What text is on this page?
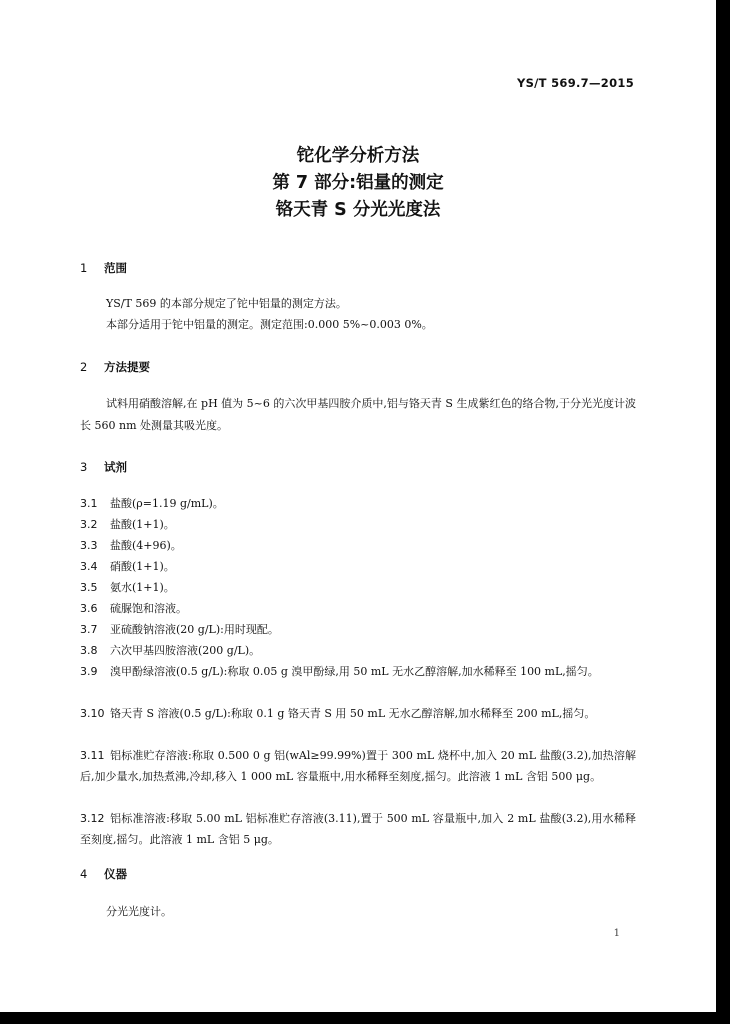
YS/T 569.7—2015
铊化学分析方法
第 7 部分:铝量的测定
铬天青 S 分光光度法
1 范围
YS/T 569 的本部分规定了铊中铝量的测定方法。
本部分适用于铊中铝量的测定。测定范围:0.000 5%~0.003 0%。
2 方法提要
试料用硝酸溶解,在 pH 值为 5~6 的六次甲基四胺介质中,铝与铬天青 S 生成紫红色的络合物,于分光光度计波长 560 nm 处测量其吸光度。
3 试剂
3.1 盐酸(ρ=1.19 g/mL)。
3.2 盐酸(1+1)。
3.3 盐酸(4+96)。
3.4 硝酸(1+1)。
3.5 氨水(1+1)。
3.6 硫脲饱和溶液。
3.7 亚硫酸钠溶液(20 g/L):用时现配。
3.8 六次甲基四胺溶液(200 g/L)。
3.9 溴甲酚绿溶液(0.5 g/L):称取 0.05 g 溴甲酚绿,用 50 mL 无水乙醇溶解,加水稀释至 100 mL,摇匀。
3.10 铬天青 S 溶液(0.5 g/L):称取 0.1 g 铬天青 S 用 50 mL 无水乙醇溶解,加水稀释至 200 mL,摇匀。
3.11 铝标准贮存溶液:称取 0.500 0 g 铝(wAl≥99.99%)置于 300 mL 烧杯中,加入 20 mL 盐酸(3.2),加热溶解后,加少量水,加热煮沸,冷却,移入 1 000 mL 容量瓶中,用水稀释至刻度,摇匀。此溶液 1 mL 含铝 500 μg。
3.12 铝标准溶液:移取 5.00 mL 铝标准贮存溶液(3.11),置于 500 mL 容量瓶中,加入 2 mL 盐酸(3.2),用水稀释至刻度,摇匀。此溶液 1 mL 含铝 5 μg。
4 仪器
分光光度计。
1
